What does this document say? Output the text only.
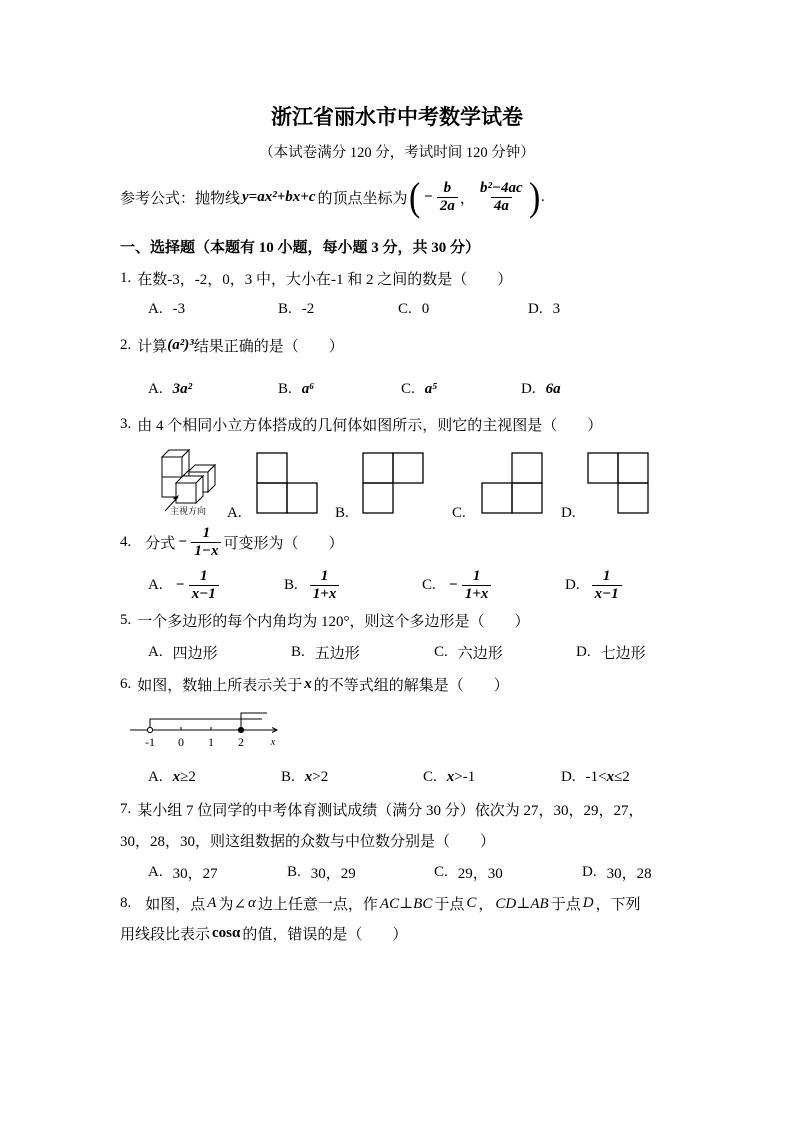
浙江省丽水市中考数学试卷
（本试卷满分 120 分，考试时间 120 分钟）
参考公式：抛物线 y=ax²+bx+c 的顶点坐标为 ( − $\frac{b}{2a}$ ， $\frac{\text{b²−4ac}}{4a}$ ) .
一、选择题（本题有 10 小题，每小题 3 分，共 30 分）
1. 在数-3，-2，0，3 中，大小在-1 和 2 之间的数是（　　）
A. -3	B. -2	C. 0	D. 3
2. 计算 (a²)³ 结果正确的是（　　）
A. 3a²	B. a⁶	C. a⁵	D. 6a
3. 由 4 个相同小立方体搭成的几何体如图所示，则它的主视图是（　　）
主视方向 A.	B.	C.	D.
4. 分式 − $\frac{1}{1-x}$ 可变形为（　　）
A. − $\frac{1}{x-1}$	B. $\frac{1}{1+x}$	C. − $\frac{1}{1+x}$	D. $\frac{1}{x-1}$
5. 一个多边形的每个内角均为 120°，则这个多边形是（　　）
A. 四边形	B. 五边形	C. 六边形	D. 七边形
6. 如图，数轴上所表示关于 x 的不等式组的解集是（　　）
-1 0 1 2	x
A. x ≥2	B. x >2	C. x >-1	D. -1< x ≤2
7. 某小组 7 位同学的中考体育测试成绩（满分 30 分）依次为 27，30，29，27，
30，28，30，则这组数据的众数与中位数分别是（　　）
A. 30，27	B. 30，29	C. 29，30	D. 30，28
8. 如图，点 A 为∠ α 边上任意一点，作 AC⊥BC 于点 C ， CD⊥AB 于点 D ，下列
用线段比表示 cosα 的值，错误的是（　　）
